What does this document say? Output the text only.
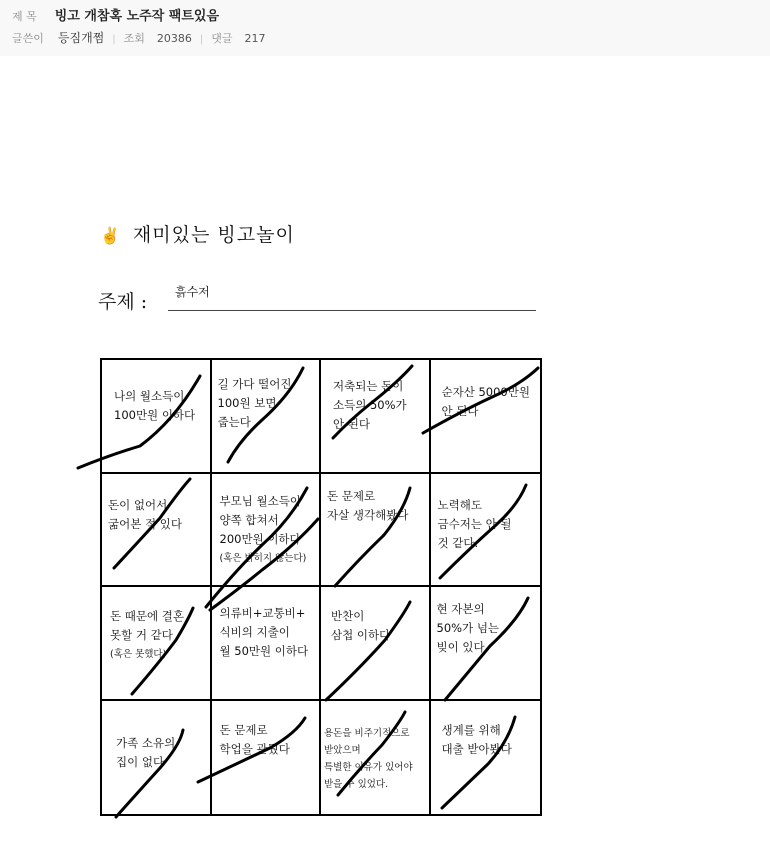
제 목 빙고 개참혹 노주작 팩트있음
글쓴이 등짐개쩜 | 조회 20386 | 댓글 217
✌ 재미있는 빙고놀이
주제 : 흙수저
나의 월소득이
100만원 이하다
길 가다 떨어진
100원 보면
줍는다
저축되는 돈이
소득의 50%가
안 된다
순자산 5000만원
안 된다
돈이 없어서
굶어본 적 있다
부모님 월소득이
양쪽 합쳐서
200만원 이하다
(혹은 밝히지 않는다)
돈 문제로
자살 생각해봤다
노력해도
금수저는 안 될
것 같다.
돈 때문에 결혼
못할 거 같다
(혹은 못했다)
의류비+교통비+
식비의 지출이
월 50만원 이하다
반찬이
삼첩 이하다
현 자본의
50%가 넘는
빚이 있다
가족 소유의
집이 없다
돈 문제로
학업을 관뒀다
용돈을 비주기적으로
받았으며
특별한 이유가 있어야
받을 수 있었다.
생계를 위해
대출 받아봤다
